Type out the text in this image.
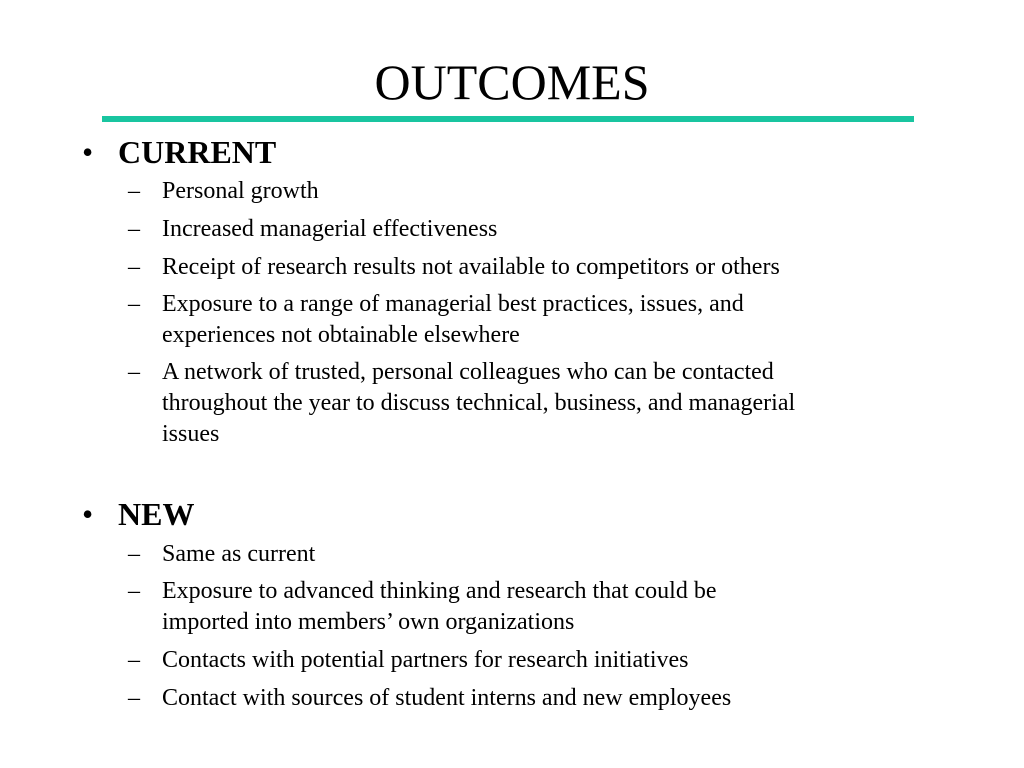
OUTCOMES
• CURRENT
– Personal growth
– Increased managerial effectiveness
– Receipt of research results not available to competitors or others
– Exposure to a range of managerial best practices, issues, and
experiences not obtainable elsewhere
– A network of trusted, personal colleagues who can be contacted
throughout the year to discuss technical, business, and managerial
issues
• NEW
– Same as current
– Exposure to advanced thinking and research that could be
imported into members’ own organizations
– Contacts with potential partners for research initiatives
– Contact with sources of student interns and new employees
